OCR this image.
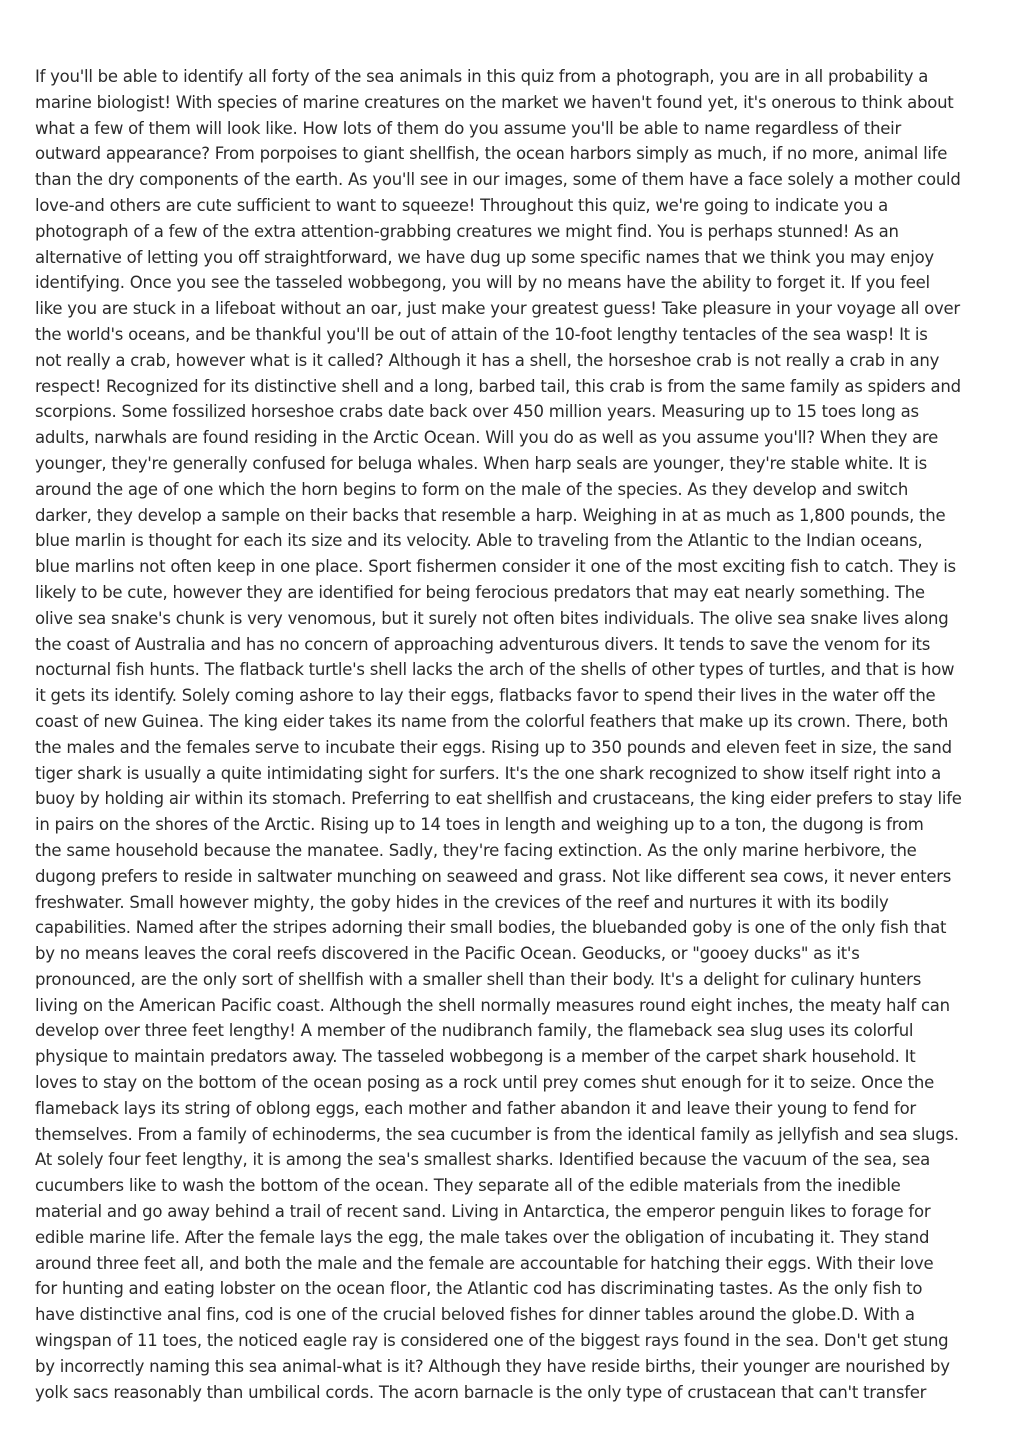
If you'll be able to identify all forty of the sea animals in this quiz from a photograph, you are in all probability a
marine biologist! With species of marine creatures on the market we haven't found yet, it's onerous to think about
what a few of them will look like. How lots of them do you assume you'll be able to name regardless of their
outward appearance? From porpoises to giant shellfish, the ocean harbors simply as much, if no more, animal life
than the dry components of the earth. As you'll see in our images, some of them have a face solely a mother could
love-and others are cute sufficient to want to squeeze! Throughout this quiz, we're going to indicate you a
photograph of a few of the extra attention-grabbing creatures we might find. You is perhaps stunned! As an
alternative of letting you off straightforward, we have dug up some specific names that we think you may enjoy
identifying. Once you see the tasseled wobbegong, you will by no means have the ability to forget it. If you feel
like you are stuck in a lifeboat without an oar, just make your greatest guess! Take pleasure in your voyage all over
the world's oceans, and be thankful you'll be out of attain of the 10-foot lengthy tentacles of the sea wasp! It is
not really a crab, however what is it called? Although it has a shell, the horseshoe crab is not really a crab in any
respect! Recognized for its distinctive shell and a long, barbed tail, this crab is from the same family as spiders and
scorpions. Some fossilized horseshoe crabs date back over 450 million years. Measuring up to 15 toes long as
adults, narwhals are found residing in the Arctic Ocean. Will you do as well as you assume you'll? When they are
younger, they're generally confused for beluga whales. When harp seals are younger, they're stable white. It is
around the age of one which the horn begins to form on the male of the species. As they develop and switch
darker, they develop a sample on their backs that resemble a harp. Weighing in at as much as 1,800 pounds, the
blue marlin is thought for each its size and its velocity. Able to traveling from the Atlantic to the Indian oceans,
blue marlins not often keep in one place. Sport fishermen consider it one of the most exciting fish to catch. They is
likely to be cute, however they are identified for being ferocious predators that may eat nearly something. The
olive sea snake's chunk is very venomous, but it surely not often bites individuals. The olive sea snake lives along
the coast of Australia and has no concern of approaching adventurous divers. It tends to save the venom for its
nocturnal fish hunts. The flatback turtle's shell lacks the arch of the shells of other types of turtles, and that is how
it gets its identify. Solely coming ashore to lay their eggs, flatbacks favor to spend their lives in the water off the
coast of new Guinea. The king eider takes its name from the colorful feathers that make up its crown. There, both
the males and the females serve to incubate their eggs. Rising up to 350 pounds and eleven feet in size, the sand
tiger shark is usually a quite intimidating sight for surfers. It's the one shark recognized to show itself right into a
buoy by holding air within its stomach. Preferring to eat shellfish and crustaceans, the king eider prefers to stay life
in pairs on the shores of the Arctic. Rising up to 14 toes in length and weighing up to a ton, the dugong is from
the same household because the manatee. Sadly, they're facing extinction. As the only marine herbivore, the
dugong prefers to reside in saltwater munching on seaweed and grass. Not like different sea cows, it never enters
freshwater. Small however mighty, the goby hides in the crevices of the reef and nurtures it with its bodily
capabilities. Named after the stripes adorning their small bodies, the bluebanded goby is one of the only fish that
by no means leaves the coral reefs discovered in the Pacific Ocean. Geoducks, or "gooey ducks" as it's
pronounced, are the only sort of shellfish with a smaller shell than their body. It's a delight for culinary hunters
living on the American Pacific coast. Although the shell normally measures round eight inches, the meaty half can
develop over three feet lengthy! A member of the nudibranch family, the flameback sea slug uses its colorful
physique to maintain predators away. The tasseled wobbegong is a member of the carpet shark household. It
loves to stay on the bottom of the ocean posing as a rock until prey comes shut enough for it to seize. Once the
flameback lays its string of oblong eggs, each mother and father abandon it and leave their young to fend for
themselves. From a family of echinoderms, the sea cucumber is from the identical family as jellyfish and sea slugs.
At solely four feet lengthy, it is among the sea's smallest sharks. Identified because the vacuum of the sea, sea
cucumbers like to wash the bottom of the ocean. They separate all of the edible materials from the inedible
material and go away behind a trail of recent sand. Living in Antarctica, the emperor penguin likes to forage for
edible marine life. After the female lays the egg, the male takes over the obligation of incubating it. They stand
around three feet all, and both the male and the female are accountable for hatching their eggs. With their love
for hunting and eating lobster on the ocean floor, the Atlantic cod has discriminating tastes. As the only fish to
have distinctive anal fins, cod is one of the crucial beloved fishes for dinner tables around the globe.D. With a
wingspan of 11 toes, the noticed eagle ray is considered one of the biggest rays found in the sea. Don't get stung
by incorrectly naming this sea animal-what is it? Although they have reside births, their younger are nourished by
yolk sacs reasonably than umbilical cords. The acorn barnacle is the only type of crustacean that can't transfer
